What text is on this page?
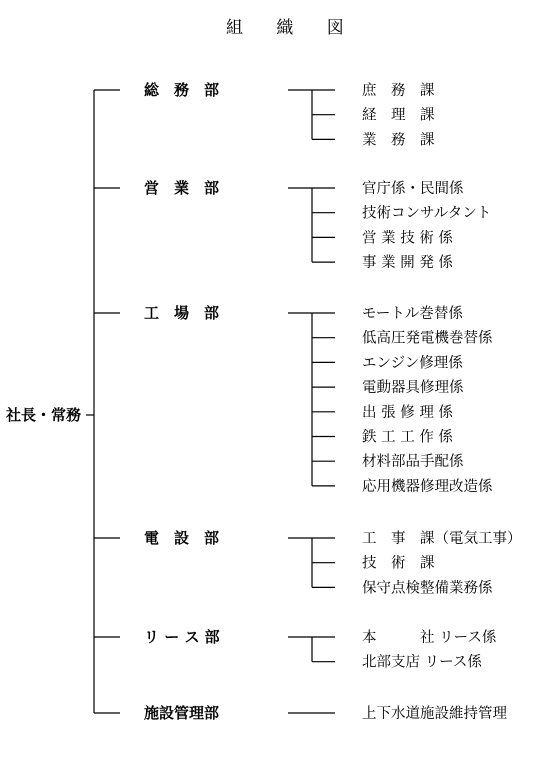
組 織 図
社長・常務
総　務　部	庶　務　課
経　理　課
業　務　課
営　業　部	官庁係・民間係
技術コンサルタント
営 業 技 術 係
事 業 開 発 係
工　場　部	モートル巻替係
低高圧発電機巻替係
エンジン修理係
電動器具修理係
出 張 修 理 係
鉄 工 工 作 係
材料部品手配係
応用機器修理改造係
電　設　部	工　事　課（電気工事）
技　術　課
保守点検整備業務係
リ ー ス 部	本　　　社 リース係
北部支店 リース係
施設管理部	上下水道施設維持管理
